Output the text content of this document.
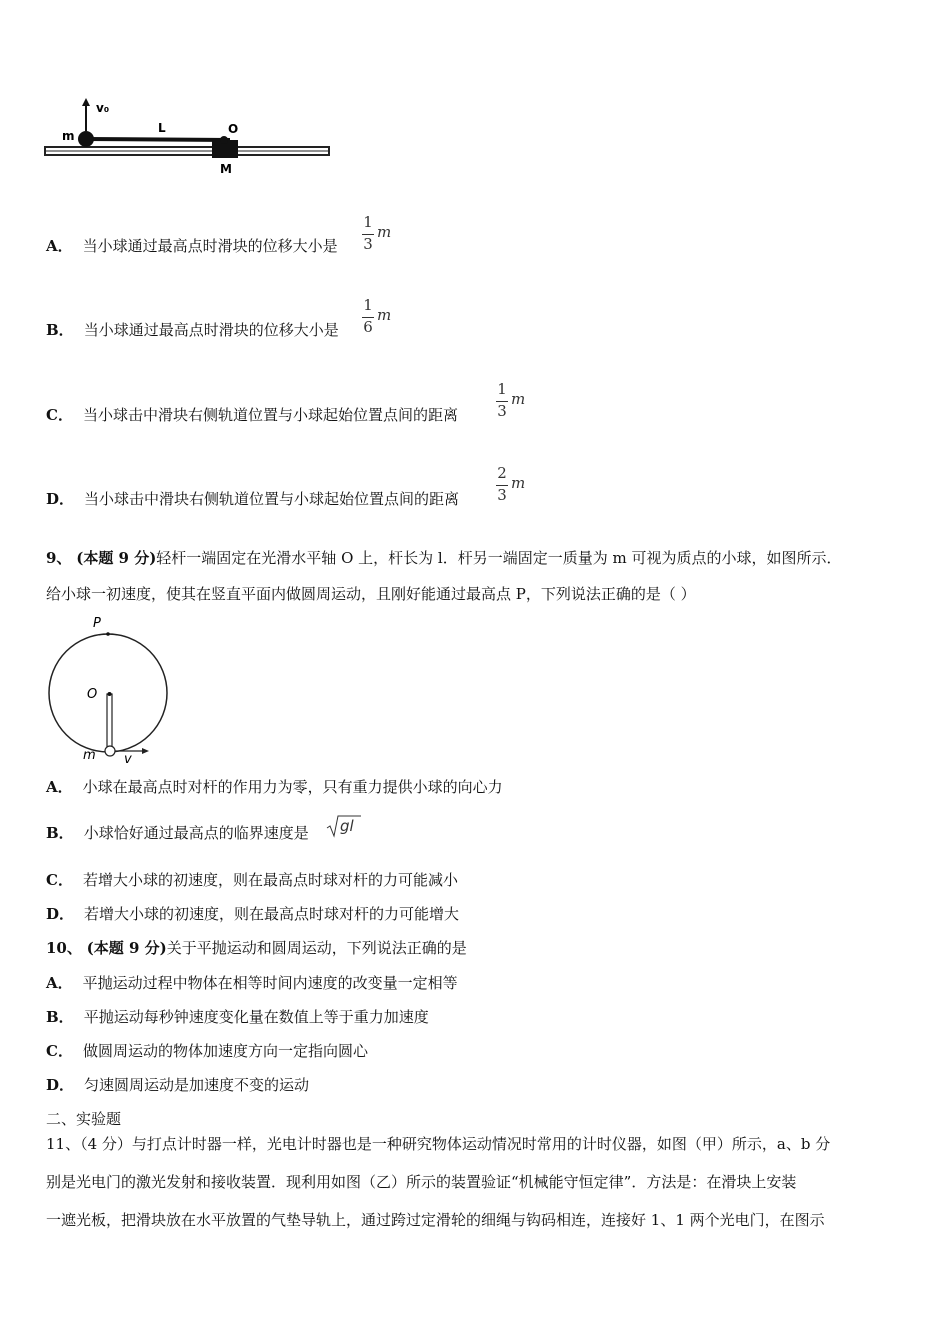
v₀
m
L	O
M
A． 当小球通过最高点时滑块的位移大小是
1
3
m
B． 当小球通过最高点时滑块的位移大小是
1
6
m
C． 当小球击中滑块右侧轨道位置与小球起始位置点间的距离
1
3
m
D． 当小球击中滑块右侧轨道位置与小球起始位置点间的距离
2
3
m
9、 (本题 9 分)轻杆一端固定在光滑水平轴 O 上，杆长为 l．杆另一端固定一质量为 m 可视为质点的小球，如图所示．
给小球一初速度，使其在竖直平面内做圆周运动，且刚好能通过最高点 P，下列说法正确的是（ ）
P
O
m v
A． 小球在最高点时对杆的作用力为零，只有重力提供小球的向心力
B． 小球恰好通过最高点的临界速度是 gl
C． 若增大小球的初速度，则在最高点时球对杆的力可能减小
D． 若增大小球的初速度，则在最高点时球对杆的力可能增大
10、 (本题 9 分)关于平抛运动和圆周运动，下列说法正确的是
A． 平抛运动过程中物体在相等时间内速度的改变量一定相等
B． 平抛运动每秒钟速度变化量在数值上等于重力加速度
C． 做圆周运动的物体加速度方向一定指向圆心
D． 匀速圆周运动是加速度不变的运动
二、实验题
11、（4 分）与打点计时器一样，光电计时器也是一种研究物体运动情况时常用的计时仪器，如图（甲）所示，a、b 分
别是光电门的激光发射和接收装置．现利用如图（乙）所示的装置验证“机械能守恒定律”．方法是：在滑块上安装
一遮光板，把滑块放在水平放置的气垫导轨上，通过跨过定滑轮的细绳与钩码相连，连接好 1、1 两个光电门，在图示
